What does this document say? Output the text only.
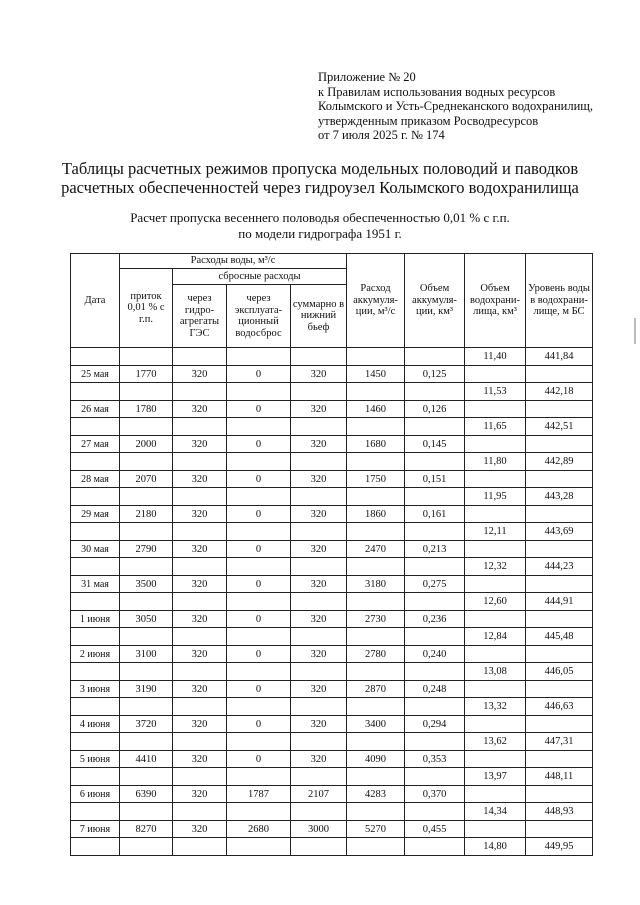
Приложение № 20
к Правилам использования водных ресурсов
Колымского и Усть-Среднеканского водохранилищ,
утвержденным приказом Росводресурсов
от 7 июля 2025 г. № 174
Таблицы расчетных режимов пропуска модельных половодий и паводков
расчетных обеспеченностей через гидроузел Колымского водохранилища
Расчет пропуска весеннего половодья обеспеченностью 0,01 % с г.п.
по модели гидрографа 1951 г.
Дата	Расходы воды, м³/с				Расход аккумуля-ции, м³/с	Объем аккумуля-ции, км³	Объем водохрани-лища, км³	Уровень воды в водохрани-лище, м БС
	приток 0,01 % с г.п.	сбросные расходы						
		через гидро-агрегаты ГЭС	через эксплуата-ционный водосброс	суммарно в нижний бьеф				
							11,40	441,84
25 мая	1770	320	0	320	1450	0,125		
							11,53	442,18
26 мая	1780	320	0	320	1460	0,126		
							11,65	442,51
27 мая	2000	320	0	320	1680	0,145		
							11,80	442,89
28 мая	2070	320	0	320	1750	0,151		
							11,95	443,28
29 мая	2180	320	0	320	1860	0,161		
							12,11	443,69
30 мая	2790	320	0	320	2470	0,213		
							12,32	444,23
31 мая	3500	320	0	320	3180	0,275		
							12,60	444,91
1 июня	3050	320	0	320	2730	0,236		
							12,84	445,48
2 июня	3100	320	0	320	2780	0,240		
							13,08	446,05
3 июня	3190	320	0	320	2870	0,248		
							13,32	446,63
4 июня	3720	320	0	320	3400	0,294		
							13,62	447,31
5 июня	4410	320	0	320	4090	0,353		
							13,97	448,11
6 июня	6390	320	1787	2107	4283	0,370		
							14,34	448,93
7 июня	8270	320	2680	3000	5270	0,455		
							14,80	449,95
